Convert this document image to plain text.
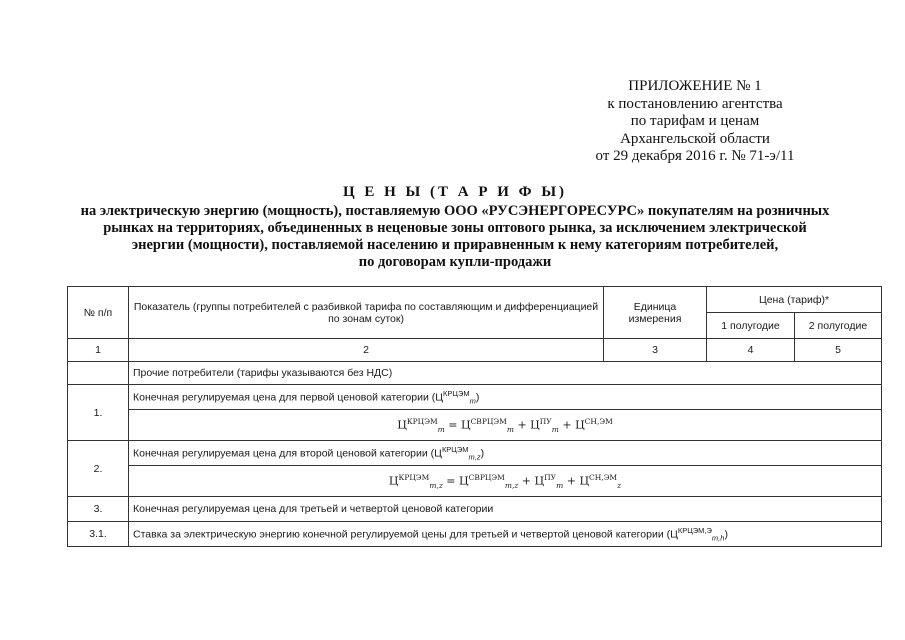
ПРИЛОЖЕНИЕ № 1
к постановлению агентства
по тарифам и ценам
Архангельской области
от 29 декабря 2016 г. № 71-э/11
Ц Е Н Ы (Т А Р И Ф Ы)
на электрическую энергию (мощность), поставляемую ООО «РУСЭНЕРГОРЕСУРС» покупателям на розничных
рынках на территориях, объединенных в неценовые зоны оптового рынка, за исключением электрической
энергии (мощности), поставляемой населению и приравненным к нему категориям потребителей,
по договорам купли-продажи
№ п/п	Показатель (группы потребителей с разбивкой тарифа по составляющим и дифференциацией по зонам суток)	Единица измерения	Цена (тариф)*	
			1 полугодие	2 полугодие
1	2	3	4	5
	Прочие потребители (тарифы указываются без НДС)			
1.	Конечная регулируемая цена для первой ценовой категории $(Ц^{КРЦЭМ}_m)$			
	$Ц^{КРЦЭМ}_m = Ц^{СВРЦЭМ}_m + Ц^{ПУ}_m + Ц^{СН,ЭМ}$
2.	Конечная регулируемая цена для второй ценовой категории $(Ц^{КРЦЭМ}_{m,z})$			
	$Ц^{КРЦЭМ}_{m,z} = Ц^{СВРЦЭМ}_{m,z} + Ц^{ПУ}_m + Ц^{СН,ЭМ}_z$
3.	Конечная регулируемая цена для третьей и четвертой ценовой категории			
3.1.	Ставка за электрическую энергию конечной регулируемой цены для третьей и четвертой ценовой категории $(Ц^{КРЦЭМ,Э}_{m,h})$			
